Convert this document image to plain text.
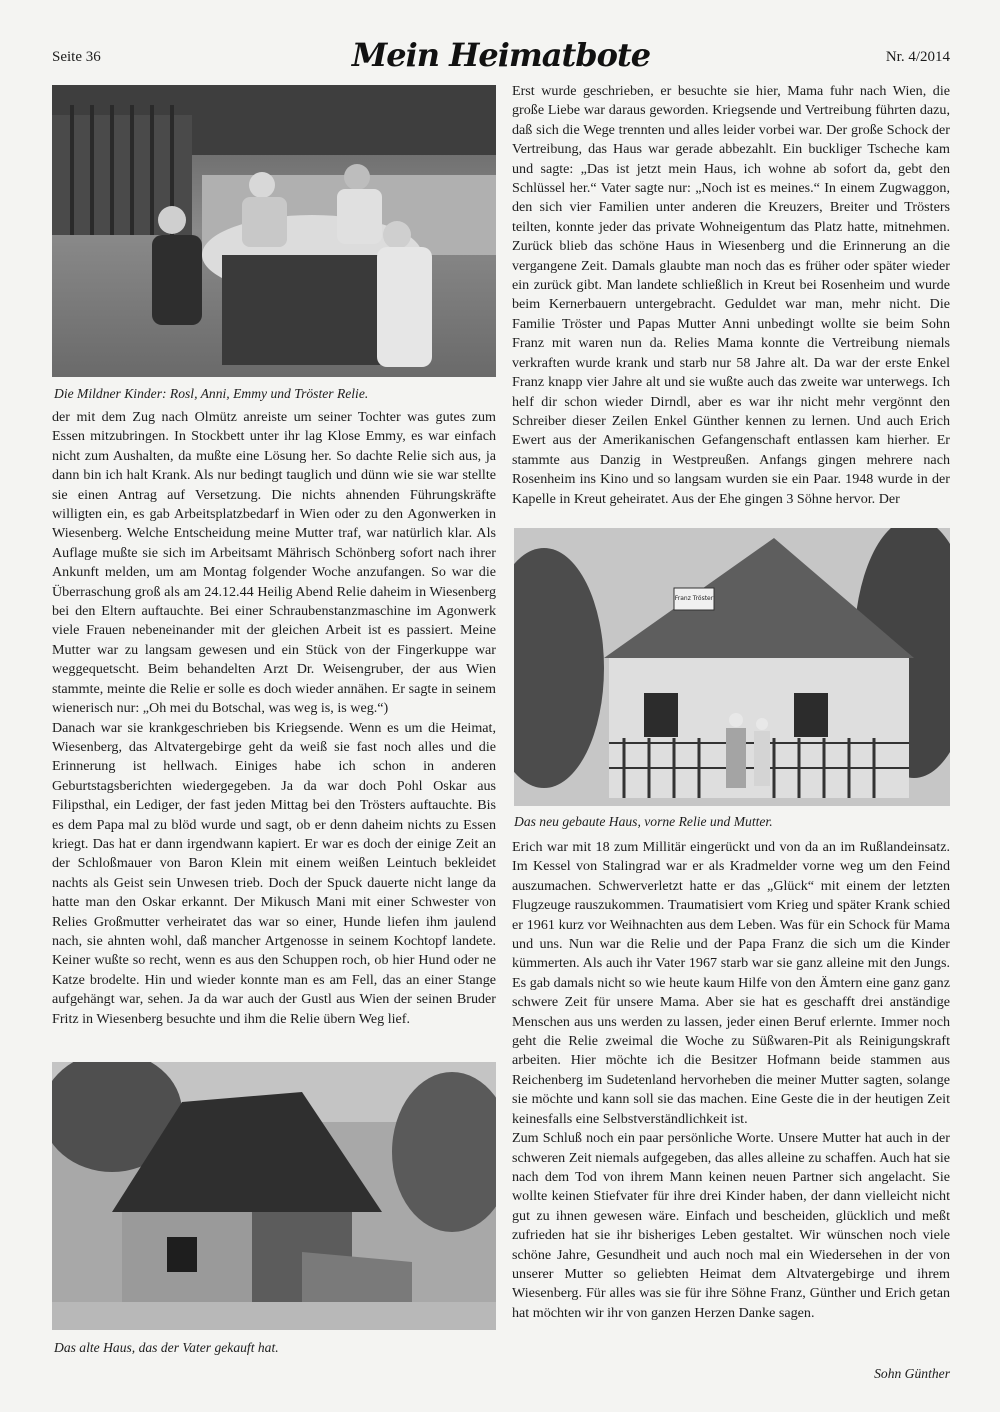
Seite 36	Mein Heimatbote	Nr. 4/2014
Die Mildner Kinder: Rosl, Anni, Emmy und Tröster Relie.

der mit dem Zug nach Olmütz anreiste um seiner Tochter was gutes zum Essen mitzubringen. In Stockbett unter ihr lag Klose Emmy, es war einfach nicht zum Aushalten, da mußte eine Lösung her. So dachte Relie sich aus, ja dann bin ich halt Krank. Als nur bedingt tauglich und dünn wie sie war stellte sie einen Antrag auf Versetzung. Die nichts ahnenden Führungskräfte willigten ein, es gab Arbeitsplatzbedarf in Wien oder zu den Agonwerken in Wiesenberg. Welche Entscheidung meine Mutter traf, war natürlich klar. Als Auflage mußte sie sich im Arbeitsamt Mährisch Schönberg sofort nach ihrer Ankunft melden, um am Montag folgender Woche anzufangen. So war die Überraschung groß als am 24.12.44 Heilig Abend Relie daheim in Wiesenberg bei den Eltern auftauchte. Bei einer Schraubenstanzmaschine im Agonwerk viele Frauen nebeneinander mit der gleichen Arbeit ist es passiert. Meine Mutter war zu langsam gewesen und ein Stück von der Fingerkuppe war weggequetscht. Beim behandelten Arzt Dr. Weisengruber, der aus Wien stammte, meinte die Relie er solle es doch wieder annähen. Er sagte in seinem wienerisch nur: „Oh mei du Botschal, was weg is, is weg.“)

Danach war sie krankgeschrieben bis Kriegsende. Wenn es um die Heimat, Wiesenberg, das Altvatergebirge geht da weiß sie fast noch alles und die Erinnerung ist hellwach. Einiges habe ich schon in anderen Geburtstagsberichten wiedergegeben. Ja da war doch Pohl Oskar aus Filipsthal, ein Lediger, der fast jeden Mittag bei den Trösters auftauchte. Bis es dem Papa mal zu blöd wurde und sagt, ob er denn daheim nichts zu Essen kriegt. Das hat er dann irgendwann kapiert. Er war es doch der einige Zeit an der Schloßmauer von Baron Klein mit einem weißen Leintuch bekleidet nachts als Geist sein Unwesen trieb. Doch der Spuck dauerte nicht lange da hatte man den Oskar erkannt. Der Mikusch Mani mit einer Schwester von Relies Großmutter verheiratet das war so einer, Hunde liefen ihm jaulend nach, sie ahnten wohl, daß mancher Artgenosse in seinem Kochtopf landete. Keiner wußte so recht, wenn es aus den Schuppen roch, ob hier Hund oder ne Katze brodelte. Hin und wieder konnte man es am Fell, das an einer Stange aufgehängt war, sehen. Ja da war auch der Gustl aus Wien der seinen Bruder Fritz in Wiesenberg besuchte und ihm die Relie übern Weg lief.

Das alte Haus, das der Vater gekauft hat.

Erst wurde geschrieben, er besuchte sie hier, Mama fuhr nach Wien, die große Liebe war daraus geworden. Kriegsende und Vertreibung führten dazu, daß sich die Wege trennten und alles leider vorbei war. Der große Schock der Vertreibung, das Haus war gerade abbezahlt. Ein buckliger Tscheche kam und sagte: „Das ist jetzt mein Haus, ich wohne ab sofort da, gebt den Schlüssel her.“ Vater sagte nur: „Noch ist es meines.“ In einem Zugwaggon, den sich vier Familien unter anderen die Kreuzers, Breiter und Trösters teilten, konnte jeder das private Wohneigentum das Platz hatte, mitnehmen. Zurück blieb das schöne Haus in Wiesenberg und die Erinnerung an die vergangene Zeit. Damals glaubte man noch das es früher oder später wieder ein zurück gibt. Man landete schließlich in Kreut bei Rosenheim und wurde beim Kernerbauern untergebracht. Geduldet war man, mehr nicht. Die Familie Tröster und Papas Mutter Anni unbedingt wollte sie beim Sohn Franz mit waren nun da. Relies Mama konnte die Vertreibung niemals verkraften wurde krank und starb nur 58 Jahre alt. Da war der erste Enkel Franz knapp vier Jahre alt und sie wußte auch das zweite war unterwegs. Ich helf dir schon wieder Dirndl, aber es war ihr nicht mehr vergönnt den Schreiber dieser Zeilen Enkel Günther kennen zu lernen. Und auch Erich Ewert aus der Amerikanischen Gefangenschaft entlassen kam hierher. Er stammte aus Danzig in Westpreußen. Anfangs gingen mehrere nach Rosenheim ins Kino und so langsam wurden sie ein Paar. 1948 wurde in der Kapelle in Kreut geheiratet. Aus der Ehe gingen 3 Söhne hervor. Der

Franz Tröster
Das neu gebaute Haus, vorne Relie und Mutter.

Erich war mit 18 zum Millitär eingerückt und von da an im Rußlandeinsatz. Im Kessel von Stalingrad war er als Kradmelder vorne weg um den Feind auszumachen. Schwerverletzt hatte er das „Glück“ mit einem der letzten Flugzeuge rauszukommen. Traumatisiert vom Krieg und später Krank schied er 1961 kurz vor Weihnachten aus dem Leben. Was für ein Schock für Mama und uns. Nun war die Relie und der Papa Franz die sich um die Kinder kümmerten. Als auch ihr Vater 1967 starb war sie ganz alleine mit den Jungs. Es gab damals nicht so wie heute kaum Hilfe von den Ämtern eine ganz ganz schwere Zeit für unsere Mama. Aber sie hat es geschafft drei anständige Menschen aus uns werden zu lassen, jeder einen Beruf erlernte. Immer noch geht die Relie zweimal die Woche zu Süßwaren-Pit als Reinigungskraft arbeiten. Hier möchte ich die Besitzer Hofmann beide stammen aus Reichenberg im Sudetenland hervorheben die meiner Mutter sagten, solange sie möchte und kann soll sie das machen. Eine Geste die in der heutigen Zeit keinesfalls eine Selbstverständlichkeit ist.

Zum Schluß noch ein paar persönliche Worte. Unsere Mutter hat auch in der schweren Zeit niemals aufgegeben, das alles alleine zu schaffen. Auch hat sie nach dem Tod von ihrem Mann keinen neuen Partner sich angelacht. Sie wollte keinen Stiefvater für ihre drei Kinder haben, der dann vielleicht nicht gut zu ihnen gewesen wäre. Einfach und bescheiden, glücklich und meßt zufrieden hat sie ihr bisheriges Leben gestaltet. Wir wünschen noch viele schöne Jahre, Gesundheit und auch noch mal ein Wiedersehen in der von unserer Mutter so geliebten Heimat dem Altvatergebirge und ihrem Wiesenberg. Für alles was sie für ihre Söhne Franz, Günther und Erich getan hat möchten wir ihr von ganzen Herzen Danke sagen.

Sohn Günther
